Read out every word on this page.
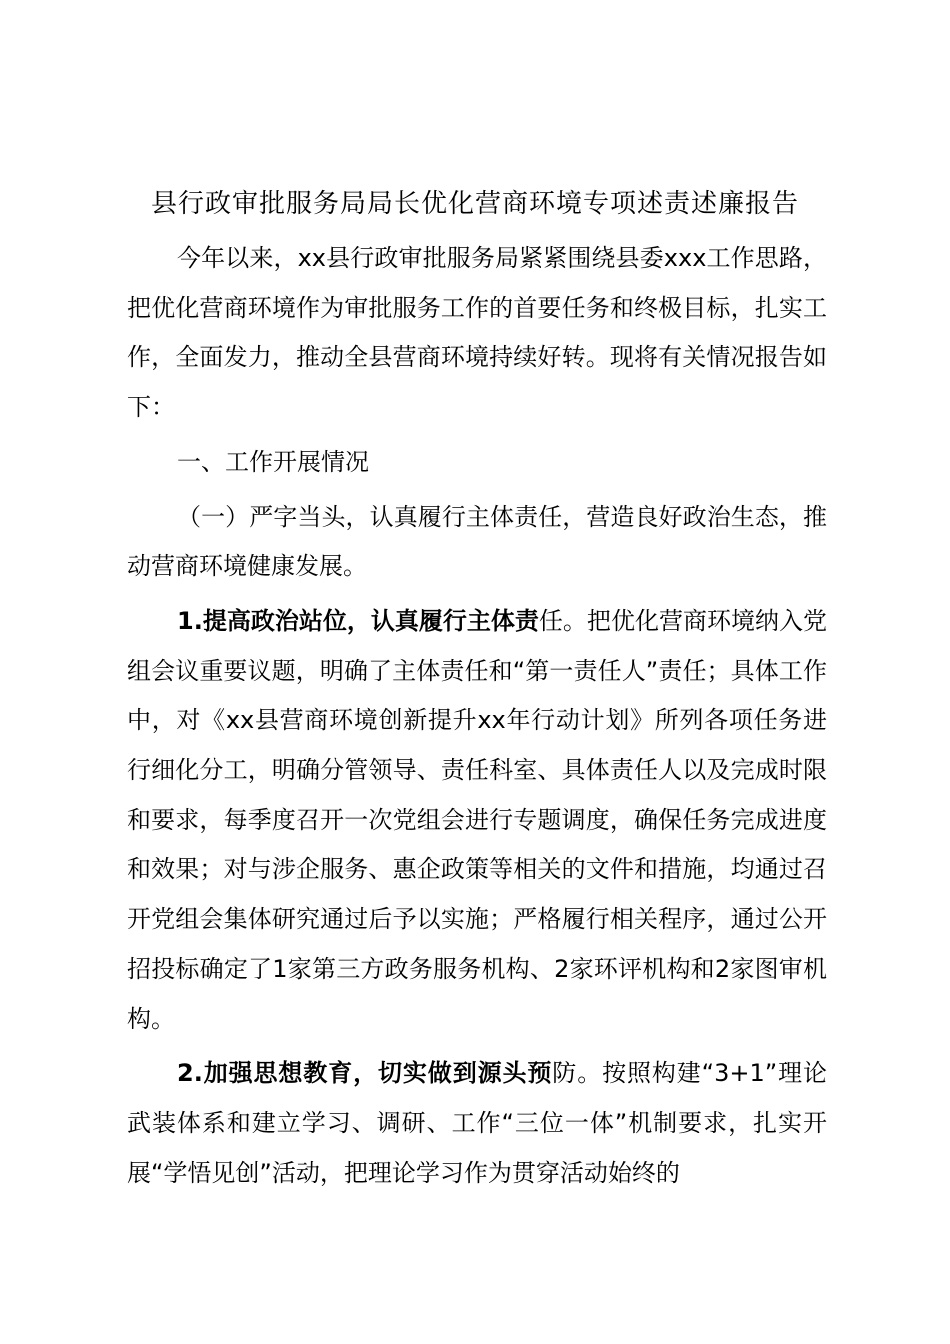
县行政审批服务局局长优化营商环境专项述责述廉报告

今年以来，xx县行政审批服务局紧紧围绕县委xxx工作思路，把优化营商环境作为审批服务工作的首要任务和终极目标，扎实工作，全面发力，推动全县营商环境持续好转。现将有关情况报告如下：

一、工作开展情况

（一）严字当头，认真履行主体责任，营造良好政治生态，推动营商环境健康发展。

1.提高政治站位，认真履行主体责任。把优化营商环境纳入党组会议重要议题，明确了主体责任和“第一责任人”责任；具体工作中，对《xx县营商环境创新提升xx年行动计划》所列各项任务进行细化分工，明确分管领导、责任科室、具体责任人以及完成时限和要求，每季度召开一次党组会进行专题调度，确保任务完成进度和效果；对与涉企服务、惠企政策等相关的文件和措施，均通过召开党组会集体研究通过后予以实施；严格履行相关程序，通过公开招投标确定了1家第三方政务服务机构、2家环评机构和2家图审机构。

2.加强思想教育，切实做到源头预防。按照构建“3+1”理论武装体系和建立学习、调研、工作“三位一体”机制要求，扎实开展“学悟见创”活动，把理论学习作为贯穿活动始终的
